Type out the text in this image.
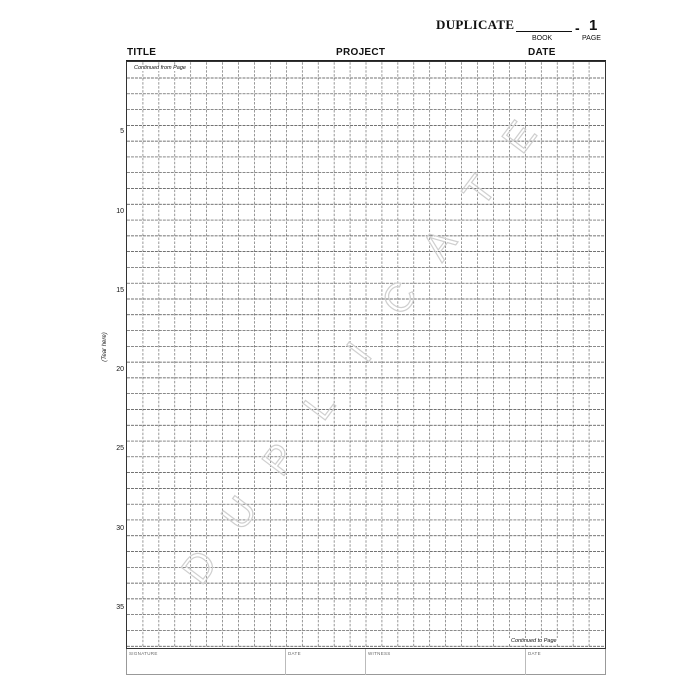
DUPLICATE	- 1
BOOK	PAGE
TITLE	PROJECT	DATE
D
U
P
L
I
C
A
T
E
Continued from Page
Continued to Page
(Tear here)
5
10
15
20
25
30
35
SIGNATURE	DATE	WITNESS	DATE
